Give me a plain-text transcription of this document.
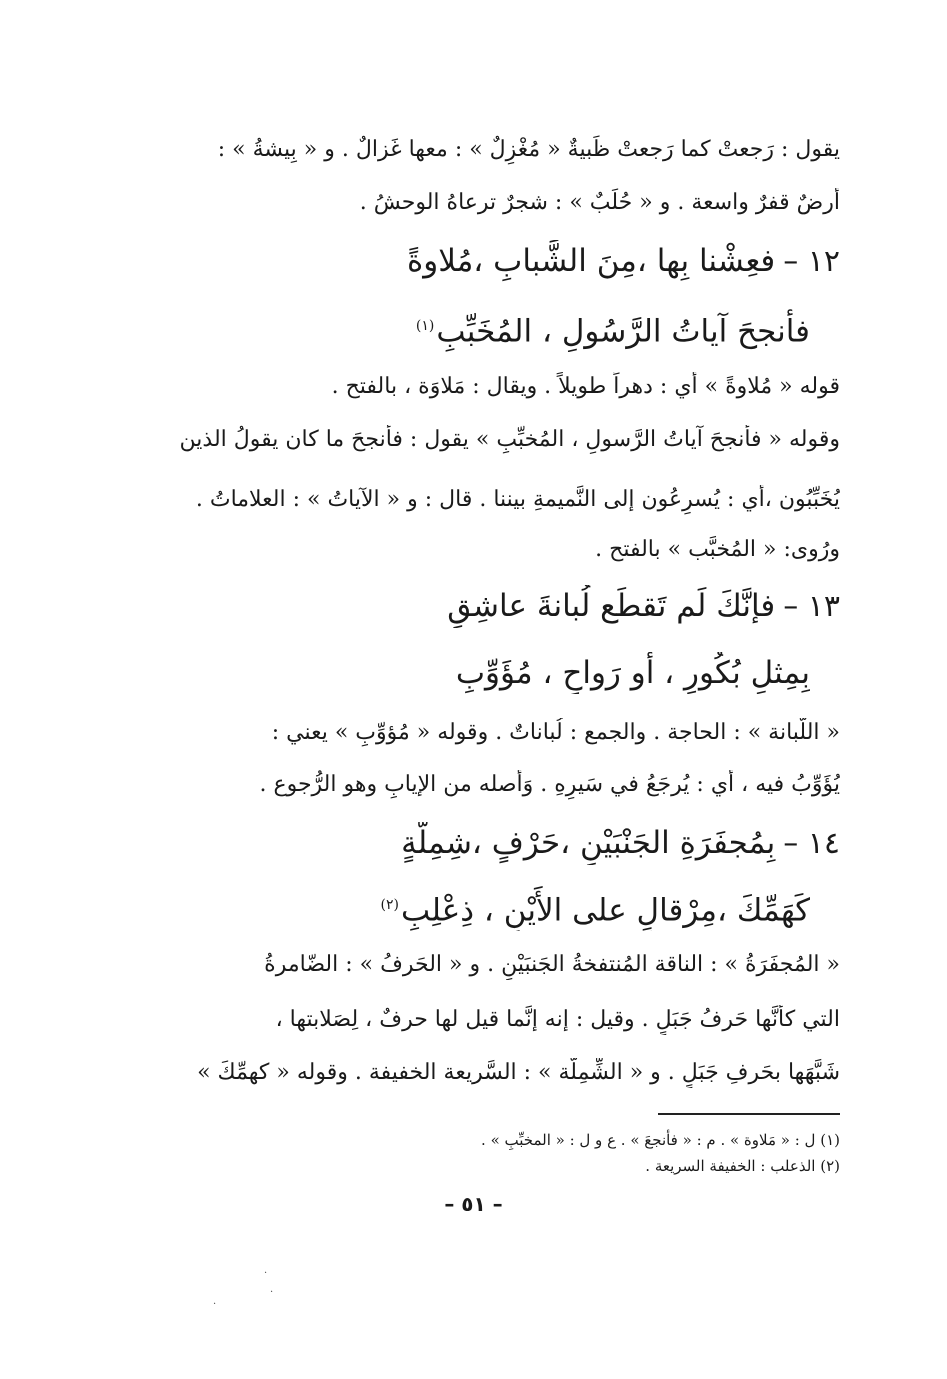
يقول : رَجعتْ كما رَجعتْ ظَبيةٌ « مُغْزِلٌ » : معها غَزالٌ . و « بِيشةُ » :
أرضٌ قفرٌ واسعة . و « حُلَبٌ » : شجرٌ ترعاهُ الوحشُ .
١٢ –فعِشْنا بِها ،مِنَ الشَّبابِ ،مُلاوةً
فأنجحَ آياتُ الرَّسُولِ ، المُخَبِّبِ$^{(١)}$
قوله « مُلاوةً » أي : دهراً طويلاً . ويقال : مَلاوَة ، بالفتح .
وقوله « فأنجحَ آياتُ الرَّسولِ ، المُخبِّبِ » يقول : فأنجحَ ما كان يقولُ الذين
يُخَبِّبُون ،أي : يُسرِعُون إلى النَّميمةِ بيننا . قال : و « الآياتُ » : العلاماتُ .
ورُوى: « المُخبَّب » بالفتح .
١٣ –فإنَّكَ لَم تَقطَع لُبانةَ عاشِقٍ
بِمِثلِ بُكُورٍ ، أو رَواحٍ ، مُؤَوِّبِ
« اللُّبانة » : الحاجة . والجمع : لُباناتٌ . وقوله « مُؤوِّبِ » يعني :
يُؤَوِّبُ فيه ، أي : يُرجَعُ في سَيرِهِ . وَأصله من الإيابِ وهو الرُّجوع .
١٤ –بِمُجفَرَةِ الجَنْبَيْنِ ،حَرْفٍ ،شِمِلَّةٍ
كَهَمِّكَ ،مِرْقالٍ على الأَيْنِ ، ذِعْلِبِ$^{(٢)}$
« المُجفَرَةُ » : الناقة المُنتفخةُ الجَنبَيْنِ . و « الحَرفُ » : الضّامرةُ
التي كأنَّها حَرفُ جَبَلٍ . وقيل : إنه إنَّما قيل لها حرفٌ ، لِصَلابتها ،
شَبَّهَها بحَرفِ جَبَلٍ . و « الشِّمِلَّة » : السَّريعة الخفيفة . وقوله « كهمِّكَ »
(١) ل : « مَلاوة » . م : « فأنجعَ » . ع و ل : « المخبِّبِ » .
(٢) الذعلب : الخفيفة السريعة .
– ٥١ –
·
·
·
